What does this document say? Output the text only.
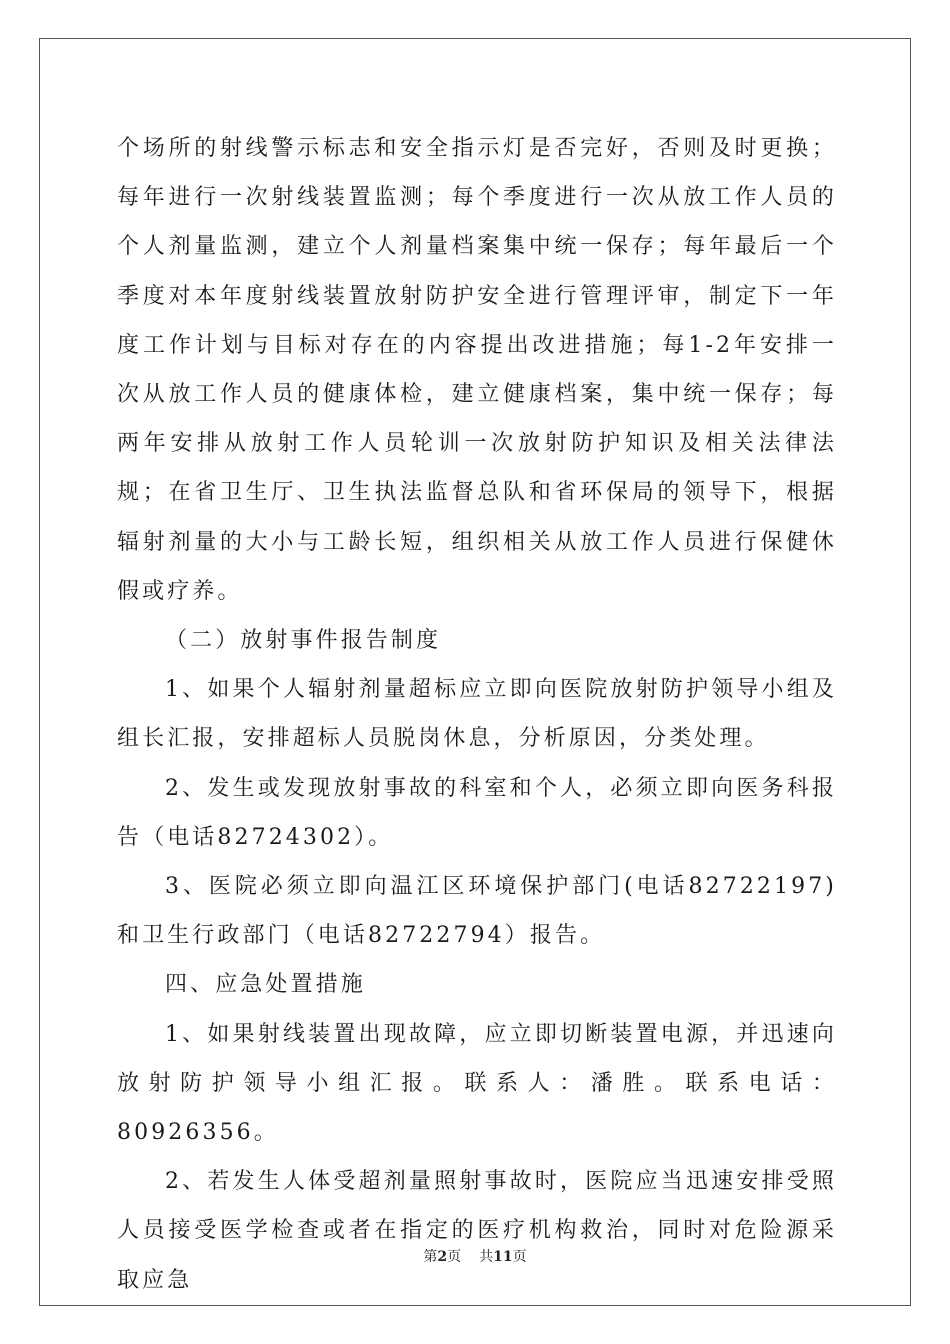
个场所的射线警示标志和安全指示灯是否完好，否则及时更换；每年进行一次射线装置监测；每个季度进行一次从放工作人员的个人剂量监测，建立个人剂量档案集中统一保存；每年最后一个季度对本年度射线装置放射防护安全进行管理评审，制定下一年度工作计划与目标对存在的内容提出改进措施；每1-2年安排一次从放工作人员的健康体检，建立健康档案，集中统一保存；每两年安排从放射工作人员轮训一次放射防护知识及相关法律法规；在省卫生厅、卫生执法监督总队和省环保局的领导下，根据辐射剂量的大小与工龄长短，组织相关从放工作人员进行保健休假或疗养。

（二）放射事件报告制度

1、如果个人辐射剂量超标应立即向医院放射防护领导小组及组长汇报，安排超标人员脱岗休息，分析原因，分类处理。

2、发生或发现放射事故的科室和个人，必须立即向医务科报告（电话82724302）。

3、医院必须立即向温江区环境保护部门(电话82722197)和卫生行政部门（电话82722794）报告。

四、应急处置措施

1、如果射线装置出现故障，应立即切断装置电源，并迅速向放射防护领导小组汇报。联系人：潘胜。联系电话：80926356。

2、若发生人体受超剂量照射事故时，医院应当迅速安排受照人员接受医学检查或者在指定的医疗机构救治，同时对危险源采取应急

第2页 共11页
